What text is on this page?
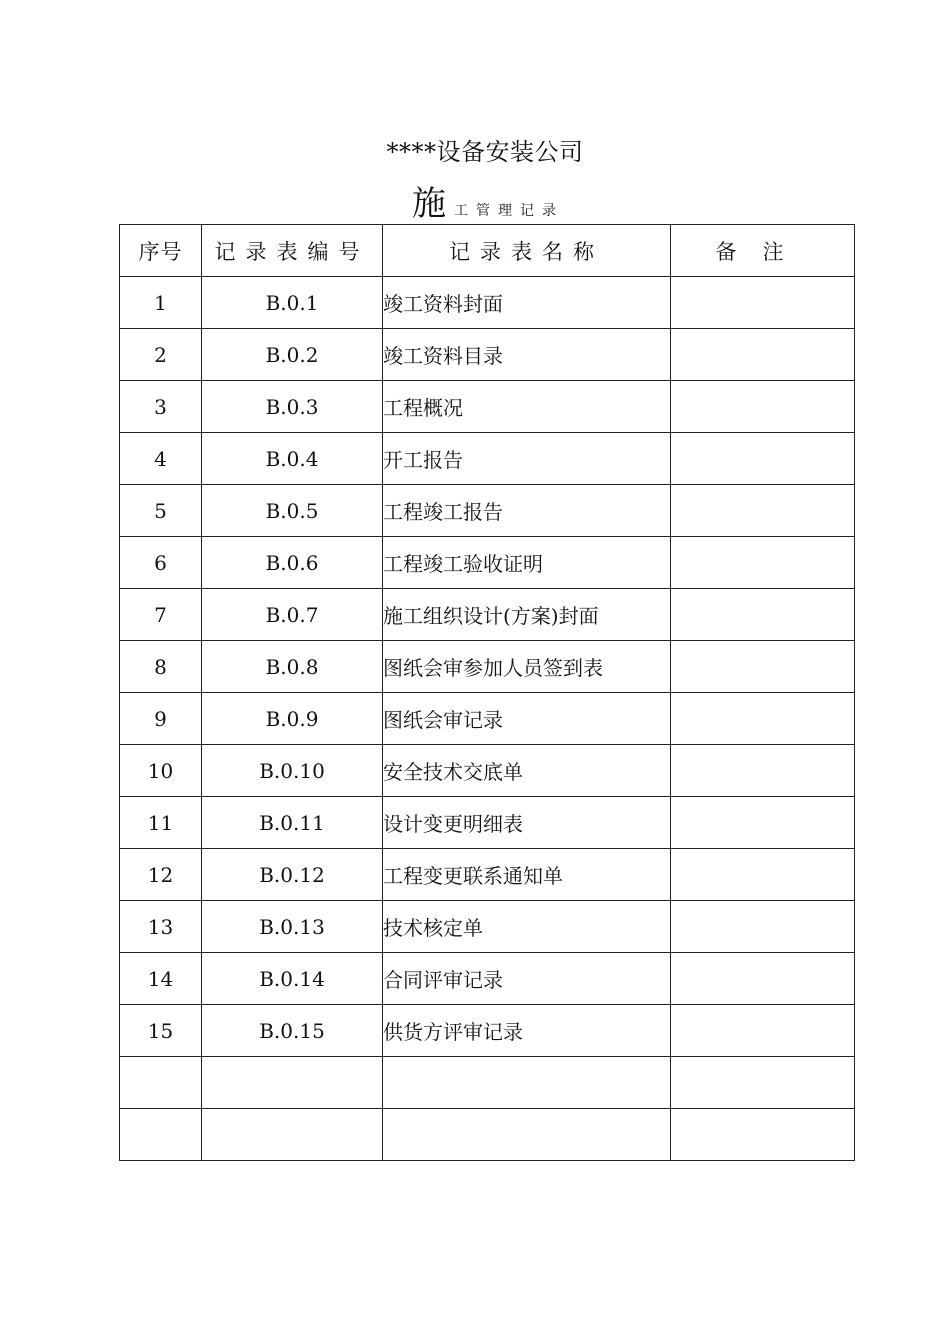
****设备安装公司
施工管理记录
序号	记录表编号	记录表名称	备注
1	B.0.1	竣工资料封面	
2	B.0.2	竣工资料目录	
3	B.0.3	工程概况	
4	B.0.4	开工报告	
5	B.0.5	工程竣工报告	
6	B.0.6	工程竣工验收证明	
7	B.0.7	施工组织设计(方案)封面	
8	B.0.8	图纸会审参加人员签到表	
9	B.0.9	图纸会审记录	
10	B.0.10	安全技术交底单	
11	B.0.11	设计变更明细表	
12	B.0.12	工程变更联系通知单	
13	B.0.13	技术核定单	
14	B.0.14	合同评审记录	
15	B.0.15	供货方评审记录	
